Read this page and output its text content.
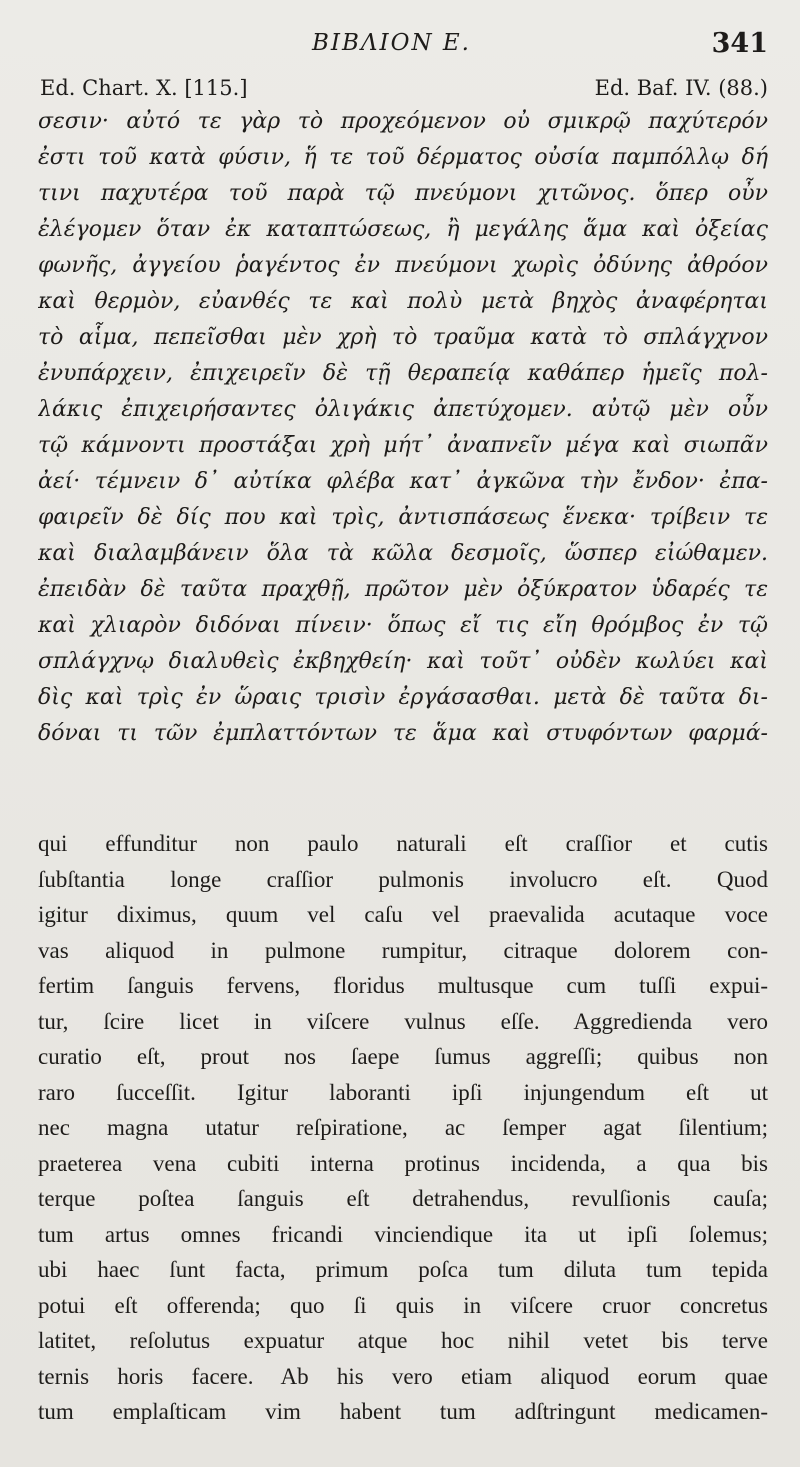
ΒΙΒΛΙΟΝ Ε.	341
Ed. Chart. X. [115.]	Ed. Baf. IV. (88.)
σεσιν· αὐτό τε γὰρ τὸ προχεόμενον οὐ σμικρῷ παχύτερόν
ἐστι τοῦ κατὰ φύσιν, ἥ τε τοῦ δέρματος οὐσία παμπόλλῳ δή
τινι παχυτέρα τοῦ παρὰ τῷ πνεύμονι χιτῶνος. ὅπερ οὖν
ἐλέγομεν ὅταν ἐκ καταπτώσεως, ἢ μεγάλης ἅμα καὶ ὀξείας
φωνῆς, ἀγγείου ῥαγέντος ἐν πνεύμονι χωρὶς ὀδύνης ἀθρόον
καὶ θερμὸν, εὐανθές τε καὶ πολὺ μετὰ βηχὸς ἀναφέρηται
τὸ αἷμα, πεπεῖσθαι μὲν χρὴ τὸ τραῦμα κατὰ τὸ σπλάγχνον
ἐνυπάρχειν, ἐπιχειρεῖν δὲ τῇ θεραπείᾳ καθάπερ ἡμεῖς πολ-
λάκις ἐπιχειρήσαντες ὀλιγάκις ἀπετύχομεν. αὐτῷ μὲν οὖν
τῷ κάμνοντι προστάξαι χρὴ μήτ᾽ ἀναπνεῖν μέγα καὶ σιωπᾶν
ἀεί· τέμνειν δ᾽ αὐτίκα φλέβα κατ᾽ ἀγκῶνα τὴν ἔνδον· ἐπα-
φαιρεῖν δὲ δίς που καὶ τρὶς, ἀντισπάσεως ἕνεκα· τρίβειν τε
καὶ διαλαμβάνειν ὅλα τὰ κῶλα δεσμοῖς, ὥσπερ εἰώθαμεν.
ἐπειδὰν δὲ ταῦτα πραχθῇ, πρῶτον μὲν ὀξύκρατον ὑδαρές τε
καὶ χλιαρὸν διδόναι πίνειν· ὅπως εἴ τις εἴη θρόμβος ἐν τῷ
σπλάγχνῳ διαλυθεὶς ἐκβηχθείη· καὶ τοῦτ᾽ οὐδὲν κωλύει καὶ
δὶς καὶ τρὶς ἐν ὥραις τρισὶν ἐργάσασθαι. μετὰ δὲ ταῦτα δι-
δόναι τι τῶν ἐμπλαττόντων τε ἅμα καὶ στυφόντων φαρμά-
qui effunditur non paulo naturali eſt craſſior et cutis
ſubſtantia longe craſſior pulmonis involucro eſt. Quod
igitur diximus, quum vel caſu vel praevalida acutaque voce
vas aliquod in pulmone rumpitur, citraque dolorem con-
fertim ſanguis fervens, floridus multusque cum tuſſi expui-
tur, ſcire licet in viſcere vulnus eſſe. Aggredienda vero
curatio eſt, prout nos ſaepe ſumus aggreſſi; quibus non
raro ſucceſſit. Igitur laboranti ipſi injungendum eſt ut
nec magna utatur reſpiratione, ac ſemper agat ſilentium;
praeterea vena cubiti interna protinus incidenda, a qua bis
terque poſtea ſanguis eſt detrahendus, revulſionis cauſa;
tum artus omnes fricandi vinciendique ita ut ipſi ſolemus;
ubi haec ſunt facta, primum poſca tum diluta tum tepida
potui eſt offerenda; quo ſi quis in viſcere cruor concretus
latitet, reſolutus expuatur atque hoc nihil vetet bis terve
ternis horis facere. Ab his vero etiam aliquod eorum quae
tum emplaſticam vim habent tum adſtringunt medicamen-
